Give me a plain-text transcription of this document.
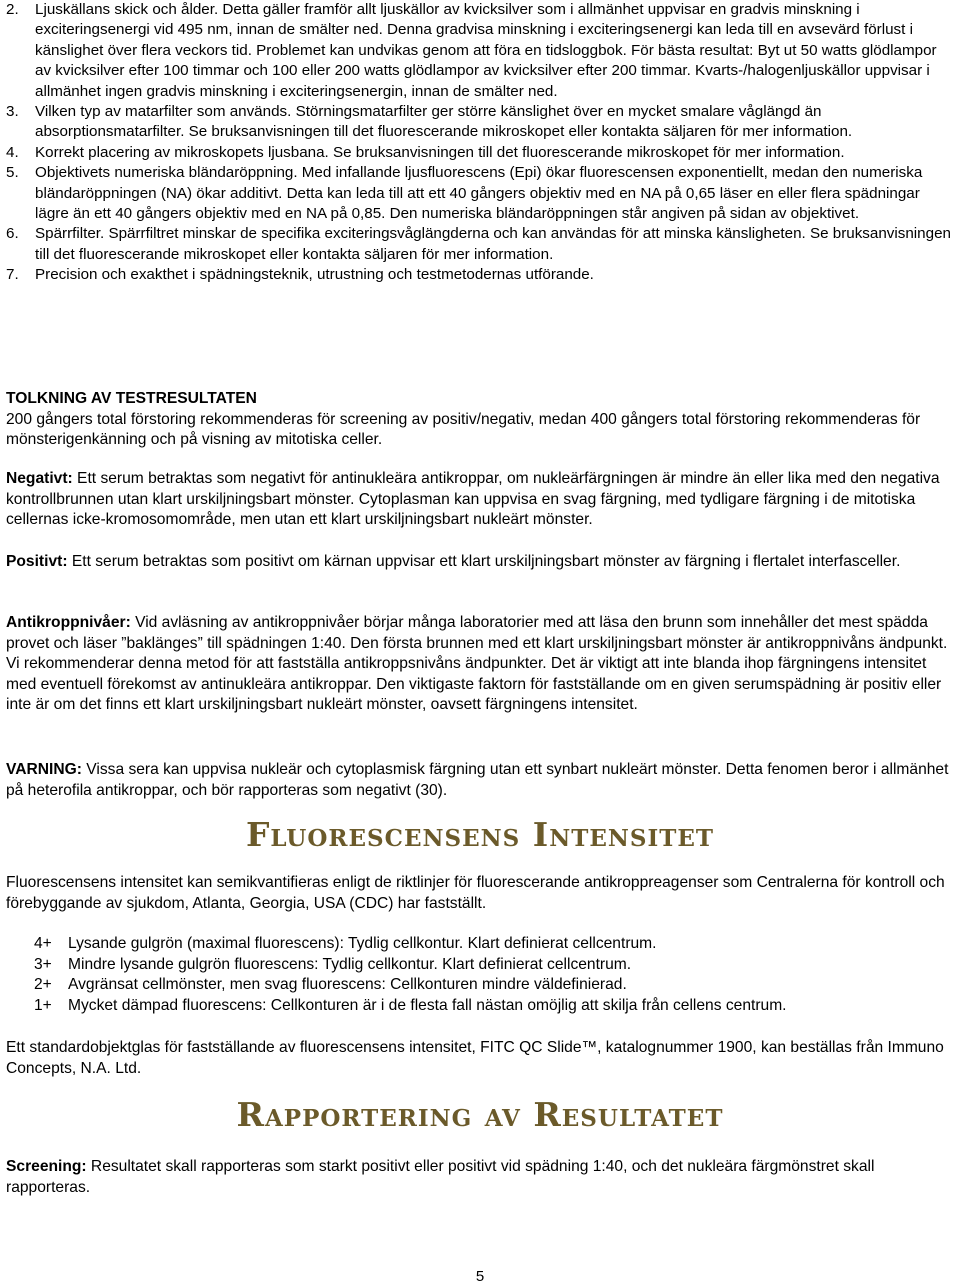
2.	Ljuskällans skick och ålder. Detta gäller framför allt ljuskällor av kvicksilver som i allmänhet uppvisar en gradvis minskning i exciteringsenergi vid 495 nm, innan de smälter ned. Denna gradvisa minskning i exciteringsenergi kan leda till en avsevärd förlust i känslighet över flera veckors tid. Problemet kan undvikas genom att föra en tidsloggbok. För bästa resultat: Byt ut 50 watts glödlampor av kvicksilver efter 100 timmar och 100 eller 200 watts glödlampor av kvicksilver efter 200 timmar. Kvarts-/halogenljuskällor uppvisar i allmänhet ingen gradvis minskning i exciteringsenergin, innan de smälter ned.
3.	Vilken typ av matarfilter som används. Störningsmatarfilter ger större känslighet över en mycket smalare våglängd än absorptionsmatarfilter. Se bruksanvisningen till det fluorescerande mikroskopet eller kontakta säljaren för mer information.
4.	Korrekt placering av mikroskopets ljusbana. Se bruksanvisningen till det fluorescerande mikroskopet för mer information.
5.	Objektivets numeriska bländaröppning. Med infallande ljusfluorescens (Epi) ökar fluorescensen exponentiellt, medan den numeriska bländaröppningen (NA) ökar additivt. Detta kan leda till att ett 40 gångers objektiv med en NA på 0,65 läser en eller flera spädningar lägre än ett 40 gångers objektiv med en NA på 0,85. Den numeriska bländaröppningen står angiven på sidan av objektivet.
6.	Spärrfilter. Spärrfiltret minskar de specifika exciteringsvåglängderna och kan användas för att minska känsligheten. Se bruksanvisningen till det fluorescerande mikroskopet eller kontakta säljaren för mer information.
7.	Precision och exakthet i spädningsteknik, utrustning och testmetodernas utförande.
TOLKNING AV TESTRESULTATEN
200 gångers total förstoring rekommenderas för screening av positiv/negativ, medan 400 gångers total förstoring rekommenderas för mönsterigenkänning och på visning av mitotiska celler.
Negativt: Ett serum betraktas som negativt för antinukleära antikroppar, om nukleärfärgningen är mindre än eller lika med den negativa kontrollbrunnen utan klart urskiljningsbart mönster. Cytoplasman kan uppvisa en svag färgning, med tydligare färgning i de mitotiska cellernas icke-kromosomområde, men utan ett klart urskiljningsbart nukleärt mönster.
Positivt: Ett serum betraktas som positivt om kärnan uppvisar ett klart urskiljningsbart mönster av färgning i flertalet interfasceller.
Antikroppnivåer: Vid avläsning av antikroppnivåer börjar många laboratorier med att läsa den brunn som innehåller det mest spädda provet och läser ”baklänges” till spädningen 1:40. Den första brunnen med ett klart urskiljningsbart mönster är antikroppnivåns ändpunkt. Vi rekommenderar denna metod för att fastställa antikroppsnivåns ändpunkter. Det är viktigt att inte blanda ihop färgningens intensitet med eventuell förekomst av antinukleära antikroppar. Den viktigaste faktorn för fastställande om en given serumspädning är positiv eller inte är om det finns ett klart urskiljningsbart nukleärt mönster, oavsett färgningens intensitet.
VARNING: Vissa sera kan uppvisa nukleär och cytoplasmisk färgning utan ett synbart nukleärt mönster. Detta fenomen beror i allmänhet på heterofila antikroppar, och bör rapporteras som negativt (30).
Fluorescensens Intensitet
Fluorescensens intensitet kan semikvantifieras enligt de riktlinjer för fluorescerande antikroppreagenser som Centralerna för kontroll och förebyggande av sjukdom, Atlanta, Georgia, USA (CDC) har fastställt.
4+	Lysande gulgrön (maximal fluorescens): Tydlig cellkontur. Klart definierat cellcentrum.
3+	Mindre lysande gulgrön fluorescens: Tydlig cellkontur. Klart definierat cellcentrum.
2+	Avgränsat cellmönster, men svag fluorescens: Cellkonturen mindre väldefinierad.
1+	Mycket dämpad fluorescens: Cellkonturen är i de flesta fall nästan omöjlig att skilja från cellens centrum.
Ett standardobjektglas för fastställande av fluorescensens intensitet, FITC QC Slide™, katalognummer 1900, kan beställas från Immuno Concepts, N.A. Ltd.
Rapportering av Resultatet
Screening: Resultatet skall rapporteras som starkt positivt eller positivt vid spädning 1:40, och det nukleära färgmönstret skall rapporteras.
5
